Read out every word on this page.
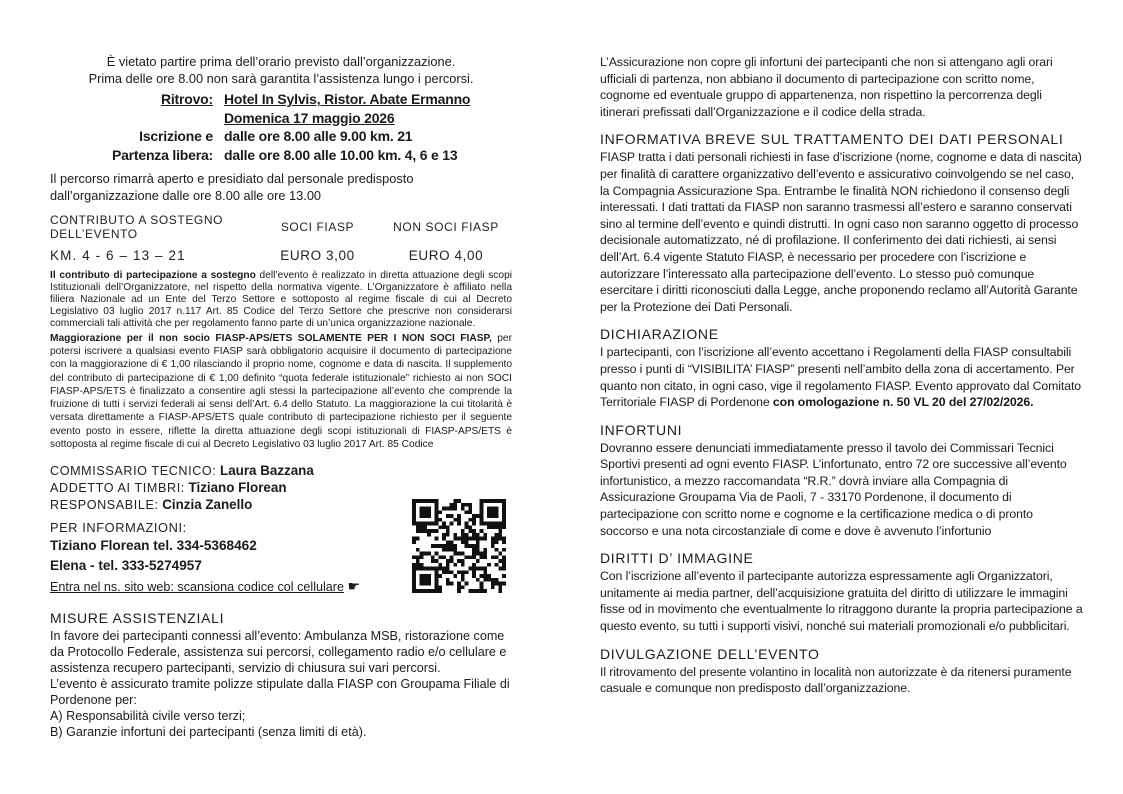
È vietato partire prima dell’orario previsto dall’organizzazione.
Prima delle ore 8.00 non sarà garantita l’assistenza lungo i percorsi.
Ritrovo: Hotel In Sylvis, Ristor. Abate Ermanno
Domenica 17 maggio 2026
Iscrizione e dalle ore 8.00 alle 9.00 km. 21
Partenza libera: dalle ore 8.00 alle 10.00 km. 4, 6 e 13

Il percorso rimarrà aperto e presidiato dal personale predisposto dall’organizzazione dalle ore 8.00 alle ore 13.00

CONTRIBUTO A SOSTEGNO
DELL’EVENTO	SOCI FIASP	NON SOCI FIASP
KM. 4 - 6 – 13 – 21	EURO 3,00	EURO 4,00

Il contributo di partecipazione a sostegno dell’evento è realizzato in diretta attuazione degli scopi Istituzionali dell’Organizzatore, nel rispetto della normativa vigente. L’Organizzatore è affiliato nella filiera Nazionale ad un Ente del Terzo Settore e sottoposto al regime fiscale di cui al Decreto Legislativo 03 luglio 2017 n.117 Art. 85 Codice del Terzo Settore che prescrive non considerarsi commerciali tali attività che per regolamento fanno parte di un’unica organizzazione nazionale.

Maggiorazione per il non socio FIASP-APS/ETS SOLAMENTE PER I NON SOCI FIASP, per potersi iscrivere a qualsiasi evento FIASP sarà obbligatorio acquisire il documento di partecipazione con la maggiorazione di € 1,00 rilasciando il proprio nome, cognome e data di nascita. Il supplemento del contributo di partecipazione di € 1,00 definito “quota federale istituzionale” richiesto ai non SOCI FIASP-APS/ETS è finalizzato a consentire agli stessi la partecipazione all’evento che comprende la fruizione di tutti i servizi federali ai sensi dell’Art. 6.4 dello Statuto. La maggiorazione la cui titolarità è versata direttamente a FIASP-APS/ETS quale contributo di partecipazione richiesto per il seguente evento posto in essere, riflette la diretta attuazione degli scopi istituzionali di FIASP-APS/ETS è sottoposta al regime fiscale di cui al Decreto Legislativo 03 luglio 2017 Art. 85 Codice

COMMISSARIO TECNICO: Laura Bazzana
ADDETTO AI TIMBRI: Tiziano Florean
RESPONSABILE: Cinzia Zanello
PER INFORMAZIONI:
Tiziano Florean tel. 334-5368462
Elena - tel. 333-5274957
Entra nel ns. sito web: scansiona codice col cellulare ☛
MISURE ASSISTENZIALI

In favore dei partecipanti connessi all’evento: Ambulanza MSB, ristorazione come da Protocollo Federale, assistenza sui percorsi, collegamento radio e/o cellulare e assistenza recupero partecipanti, servizio di chiusura sui vari percorsi.

L’evento è assicurato tramite polizze stipulate dalla FIASP con Groupama Filiale di Pordenone per:

A) Responsabilità civile verso terzi;

B) Garanzie infortuni dei partecipanti (senza limiti di età).

L’Assicurazione non copre gli infortuni dei partecipanti che non si attengano agli orari ufficiali di partenza, non abbiano il documento di partecipazione con scritto nome, cognome ed eventuale gruppo di appartenenza, non rispettino la percorrenza degli itinerari prefissati dall’Organizzazione e il codice della strada.

INFORMATIVA BREVE SUL TRATTAMENTO DEI DATI PERSONALI

FIASP tratta i dati personali richiesti in fase d’iscrizione (nome, cognome e data di nascita) per finalità di carattere organizzativo dell’evento e assicurativo coinvolgendo se nel caso, la Compagnia Assicurazione Spa. Entrambe le finalità NON richiedono il consenso degli interessati. I dati trattati da FIASP non saranno trasmessi all’estero e saranno conservati sino al termine dell’evento e quindi distrutti. In ogni caso non saranno oggetto di processo decisionale automatizzato, né di profilazione. Il conferimento dei dati richiesti, ai sensi dell’Art. 6.4 vigente Statuto FIASP, è necessario per procedere con l’iscrizione e autorizzare l’interessato alla partecipazione dell’evento. Lo stesso può comunque esercitare i diritti riconosciuti dalla Legge, anche proponendo reclamo all’Autorità Garante per la Protezione dei Dati Personali.

DICHIARAZIONE

I partecipanti, con l’iscrizione all’evento accettano i Regolamenti della FIASP consultabili presso i punti di “VISIBILITA’ FIASP” presenti nell’ambito della zona di accertamento. Per quanto non citato, in ogni caso, vige il regolamento FIASP. Evento approvato dal Comitato Territoriale FIASP di Pordenone con omologazione n. 50 VL 20 del 27/02/2026.

INFORTUNI

Dovranno essere denunciati immediatamente presso il tavolo dei Commissari Tecnici Sportivi presenti ad ogni evento FIASP. L’infortunato, entro 72 ore successive all’evento infortunistico, a mezzo raccomandata “R.R.” dovrà inviare alla Compagnia di Assicurazione Groupama Via de Paoli, 7 - 33170 Pordenone, il documento di partecipazione con scritto nome e cognome e la certificazione medica o di pronto soccorso e una nota circostanziale di come e dove è avvenuto l’infortunio

DIRITTI D’ IMMAGINE

Con l’iscrizione all’evento il partecipante autorizza espressamente agli Organizzatori, unitamente ai media partner, dell’acquisizione gratuita del diritto di utilizzare le immagini fisse od in movimento che eventualmente lo ritraggono durante la propria partecipazione a questo evento, su tutti i supporti visivi, nonché sui materiali promozionali e/o pubblicitari.

DIVULGAZIONE DELL’EVENTO

Il ritrovamento del presente volantino in località non autorizzate è da ritenersi puramente casuale e comunque non predisposto dall’organizzazione.
